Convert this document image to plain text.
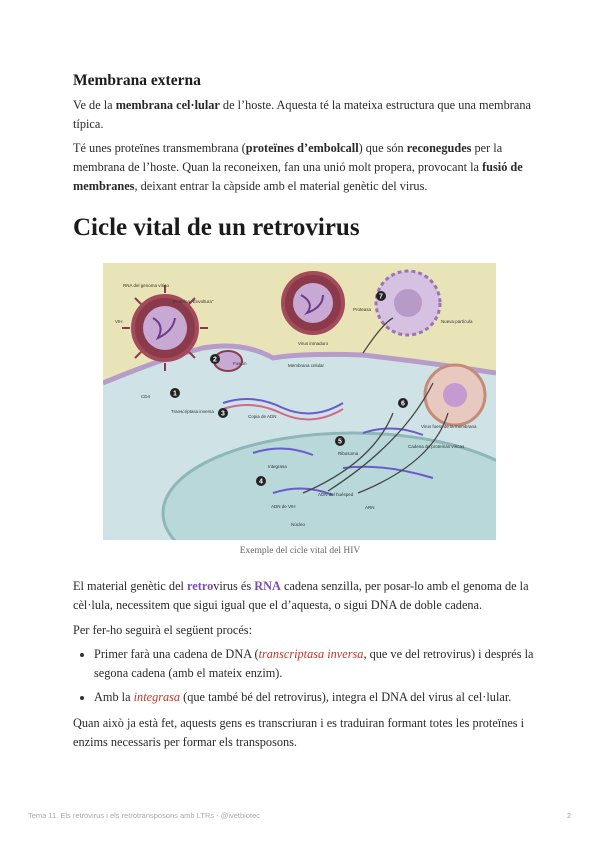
Membrana externa

Ve de la membrana cel·lular de l’hoste. Aquesta té la mateixa estructura que una membrana típica.

Té unes proteïnes transmembrana (proteïnes d’embolcall) que són reconegudes per la membrana de l’hoste. Quan la reconeixen, fan una unió molt propera, provocant la fusió de membranes, deixant entrar la càpside amb el material genètic del virus.

Cicle vital de un retrovirus
1
2
3
4
5
6
7
RNA del genoma vírico
Proteína "Envoltura"
VIH
CD4
Fusión
Transcriptasa inversa
Copia de ADN
Membrana celular
Cadena de proteínas víricas
Ribosoma
Integrasa
ADN del huésped
ADN de VIH	ARN
Núcleo
Proteasa
Virus inmaduro
Nueva partícula
Virus fuera de la membrana
Exemple del cicle vital del HIV

El material genètic del retrovirus és RNA cadena senzilla, per posar-lo amb el genoma de la cèl·lula, necessitem que sigui igual que el d’aquesta, o sigui DNA de doble cadena.

Per fer-ho seguirà el següent procés:

Primer farà una cadena de DNA (transcriptasa inversa, que ve del retrovirus) i després la segona cadena (amb el mateix enzim).
Amb la integrasa (que també bé del retrovirus), integra el DNA del virus al cel·lular.

Quan això ja està fet, aquests gens es transcriuran i es traduiran formant totes les proteïnes i enzims necessaris per formar els transposons.

Tema 11. Els retrovirus i els retrotransposons amb LTRs - @ivetbiotec	2
